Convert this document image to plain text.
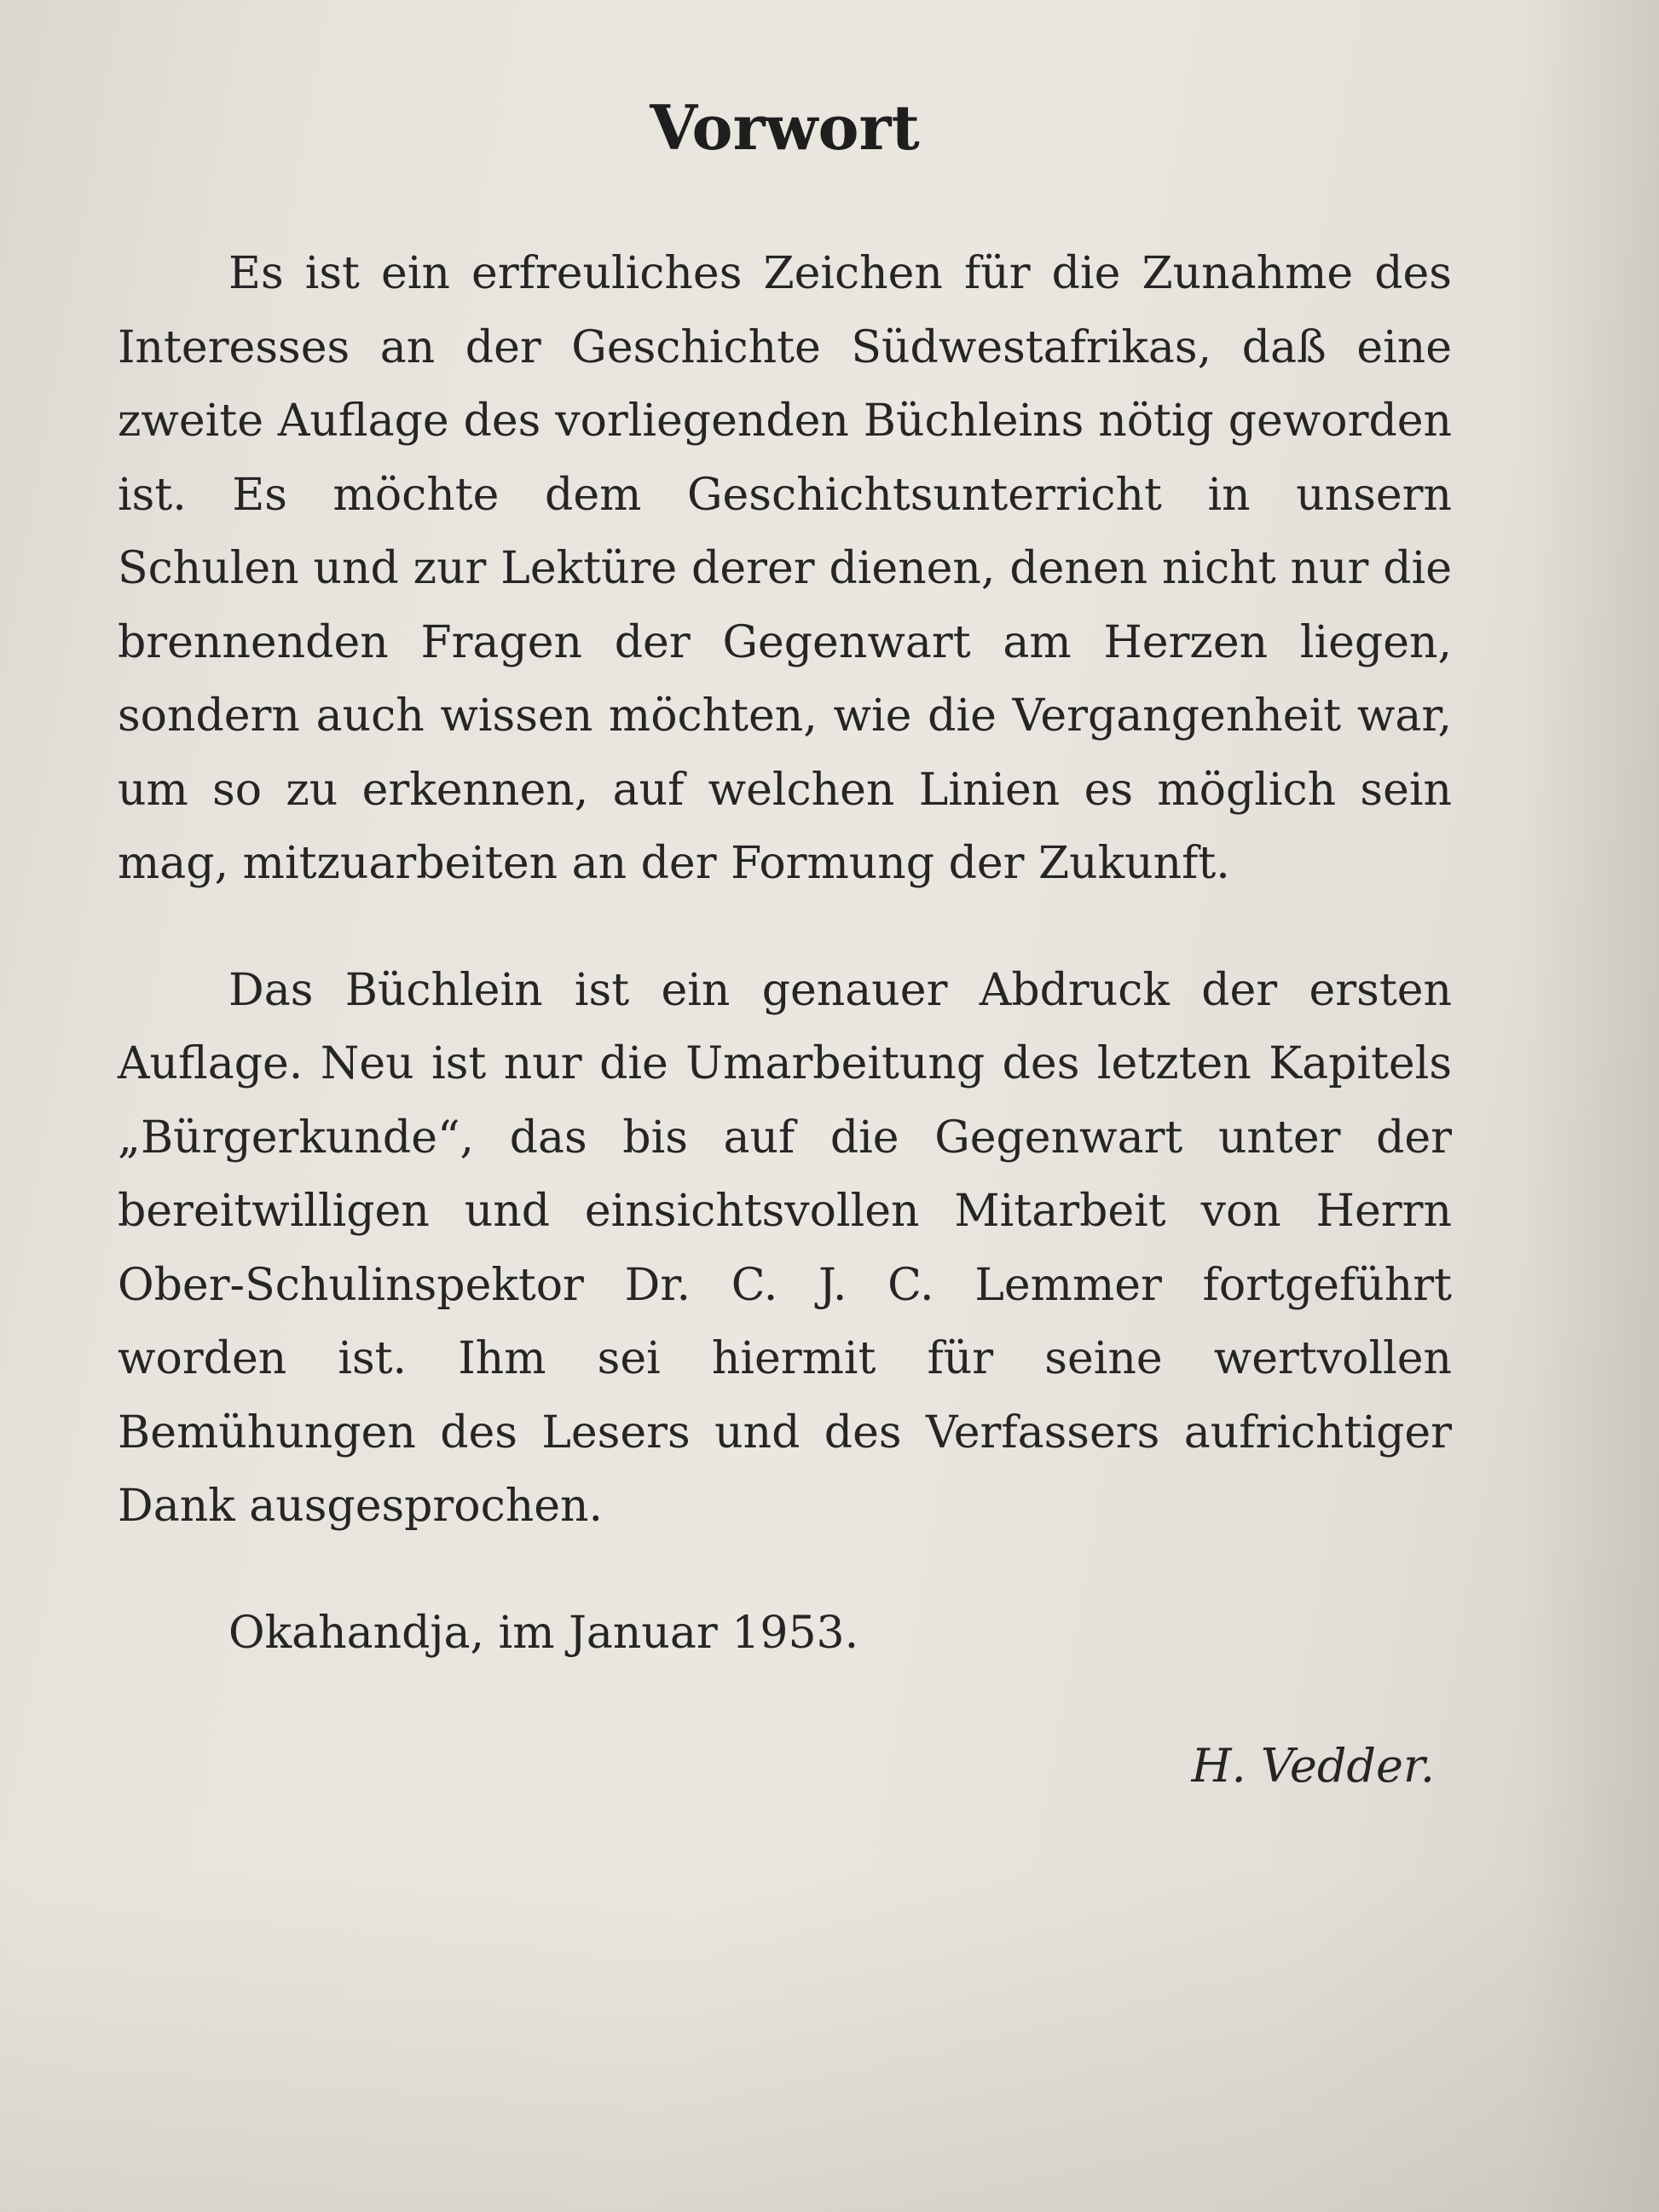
Vorwort

Es ist ein erfreuliches Zeichen für die Zunahme des Interesses an der Geschichte Südwestafrikas, daß eine zweite Auflage des vorliegenden Büchleins nötig geworden ist. Es möchte dem Geschichtsunterricht in unsern Schulen und zur Lektüre derer dienen, denen nicht nur die brennenden Fragen der Gegenwart am Herzen liegen, sondern auch wissen möchten, wie die Vergangenheit war, um so zu erkennen, auf welchen Linien es möglich sein mag, mitzuarbeiten an der Formung der Zukunft.

Das Büchlein ist ein genauer Abdruck der ersten Auflage. Neu ist nur die Umarbeitung des letzten Kapitels „Bürgerkunde“, das bis auf die Gegenwart unter der bereitwilligen und einsichtsvollen Mitarbeit von Herrn Ober-Schulinspektor Dr. C. J. C. Lemmer fortgeführt worden ist. Ihm sei hiermit für seine wertvollen Bemühungen des Lesers und des Verfassers aufrichtiger Dank ausgesprochen.

Okahandja, im Januar 1953.

H. Vedder.
